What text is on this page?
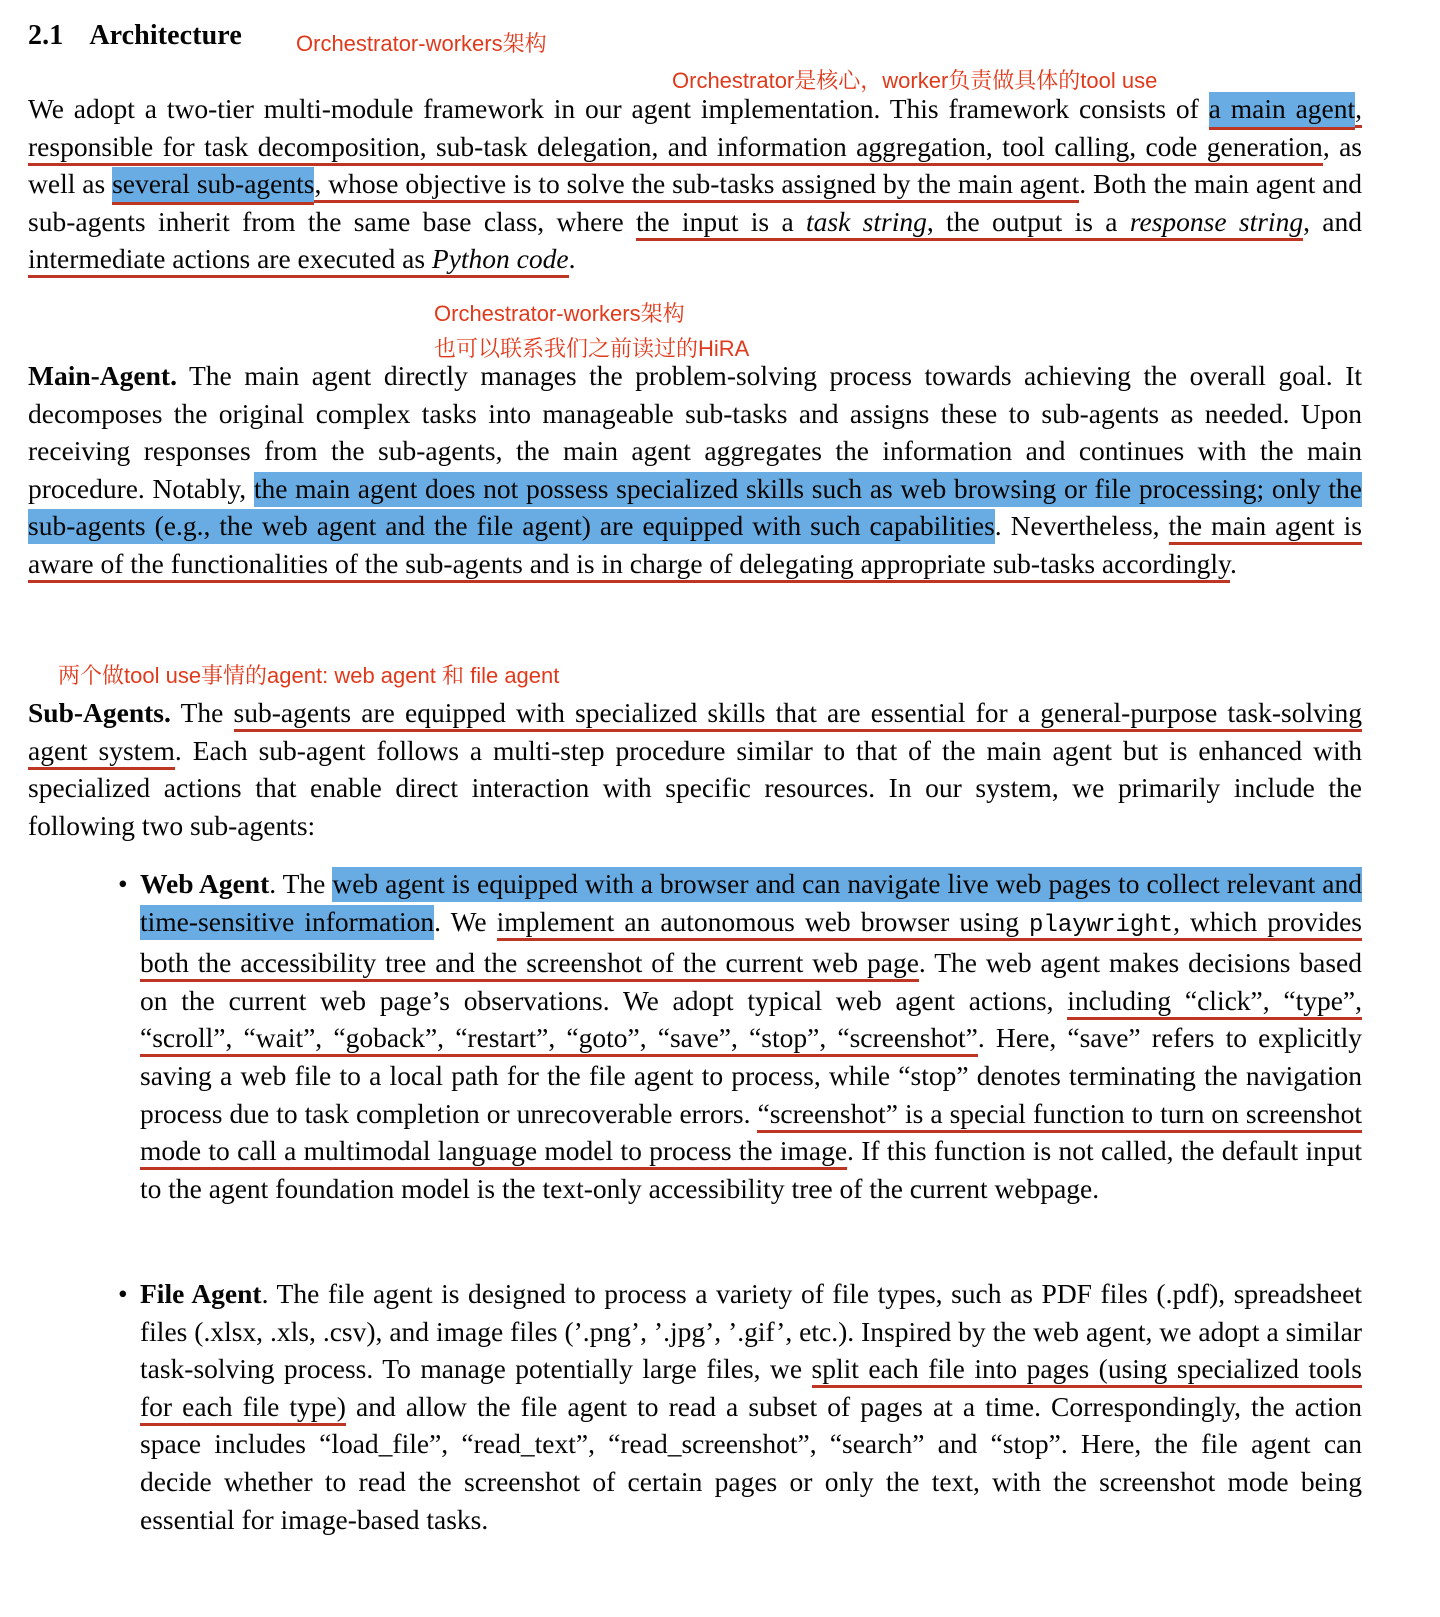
2.1 Architecture Orchestrator-workers架构
Orchestrator是核心，worker负责做具体的tool use
Orchestrator-workers架构
也可以联系我们之前读过的HiRA
两个做tool use事情的agent: web agent 和 file agent
We adopt a two-tier multi-module framework in our agent implementation. This framework consists of a main agent, responsible for task decomposition, sub-task delegation, and information aggregation, tool calling, code generation, as well as several sub-agents, whose objective is to solve the sub-tasks assigned by the main agent. Both the main agent and sub-agents inherit from the same base class, where the input is a task string, the output is a response string, and intermediate actions are executed as Python code.
Main-Agent. The main agent directly manages the problem-solving process towards achieving the overall goal. It decomposes the original complex tasks into manageable sub-tasks and assigns these to sub-agents as needed. Upon receiving responses from the sub-agents, the main agent aggregates the information and continues with the main procedure. Notably, the main agent does not possess specialized skills such as web browsing or file processing; only the sub-agents (e.g., the web agent and the file agent) are equipped with such capabilities. Nevertheless, the main agent is aware of the functionalities of the sub-agents and is in charge of delegating appropriate sub-tasks accordingly.
Sub-Agents. The sub-agents are equipped with specialized skills that are essential for a general-purpose task-solving agent system. Each sub-agent follows a multi-step procedure similar to that of the main agent but is enhanced with specialized actions that enable direct interaction with specific resources. In our system, we primarily include the following two sub-agents:
• Web Agent. The web agent is equipped with a browser and can navigate live web pages to collect relevant and time-sensitive information. We implement an autonomous web browser using playwright, which provides both the accessibility tree and the screenshot of the current web page. The web agent makes decisions based on the current web page’s observations. We adopt typical web agent actions, including “click”, “type”, “scroll”, “wait”, “goback”, “restart”, “goto”, “save”, “stop”, “screenshot”. Here, “save” refers to explicitly saving a web file to a local path for the file agent to process, while “stop” denotes terminating the navigation process due to task completion or unrecoverable errors. “screenshot” is a special function to turn on screenshot mode to call a multimodal language model to process the image. If this function is not called, the default input to the agent foundation model is the text-only accessibility tree of the current webpage.
• File Agent. The file agent is designed to process a variety of file types, such as PDF files (.pdf), spreadsheet files (.xlsx, .xls, .csv), and image files (’.png’, ’.jpg’, ’.gif’, etc.). Inspired by the web agent, we adopt a similar task-solving process. To manage potentially large files, we split each file into pages (using specialized tools for each file type) and allow the file agent to read a subset of pages at a time. Correspondingly, the action space includes “load_file”, “read_text”, “read_screenshot”, “search” and “stop”. Here, the file agent can decide whether to read the screenshot of certain pages or only the text, with the screenshot mode being essential for image-based tasks.
